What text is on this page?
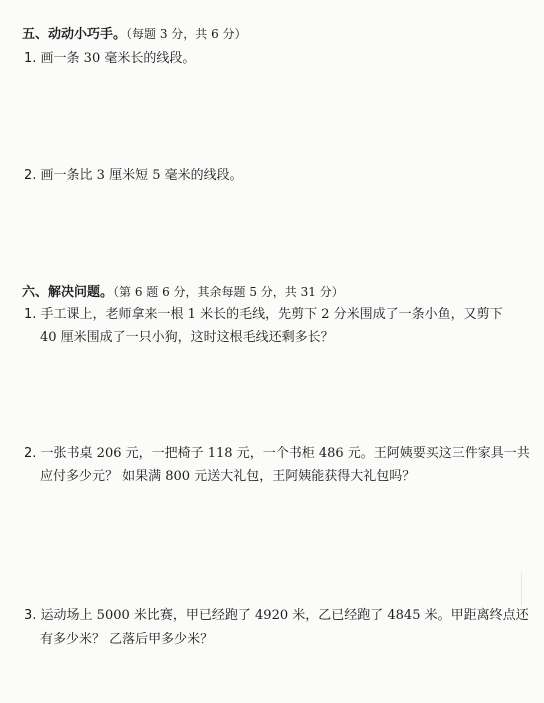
五、动动小巧手。（每题 3 分，共 6 分）
1. 画一条 30 毫米长的线段。
2. 画一条比 3 厘米短 5 毫米的线段。
六、解决问题。（第 6 题 6 分，其余每题 5 分，共 31 分）
1. 手工课上，老师拿来一根 1 米长的毛线，先剪下 2 分米围成了一条小鱼，又剪下
40 厘米围成了一只小狗，这时这根毛线还剩多长？
2. 一张书桌 206 元，一把椅子 118 元，一个书柜 486 元。王阿姨要买这三件家具一共
应付多少元？ 如果满 800 元送大礼包，王阿姨能获得大礼包吗？
3. 运动场上 5000 米比赛，甲已经跑了 4920 米，乙已经跑了 4845 米。甲距离终点还
有多少米？ 乙落后甲多少米？
